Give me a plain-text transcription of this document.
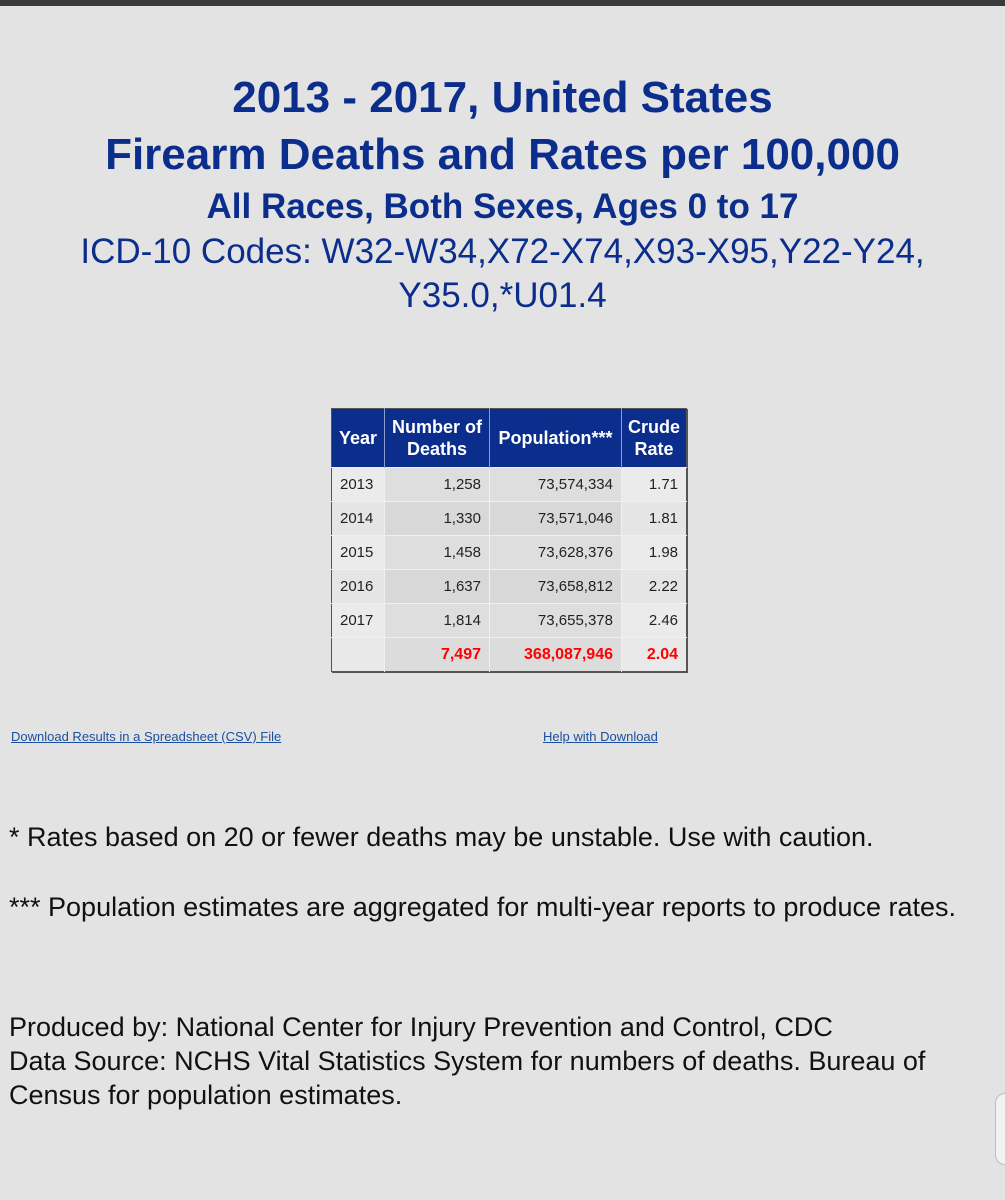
2013 - 2017, United States

Firearm Deaths and Rates per 100,000

All Races, Both Sexes, Ages 0 to 17

ICD-10 Codes: W32-W34,X72-X74,X93-X95,Y22-Y24, Y35.0,*U01.4

Year	Number of Deaths	Population***	Crude Rate
2013	1,258	73,574,334	1.71
2014	1,330	73,571,046	1.81
2015	1,458	73,628,376	1.98
2016	1,637	73,658,812	2.22
2017	1,814	73,655,378	2.46
	7,497	368,087,946	2.04
Download Results in a Spreadsheet (CSV) File	Help with Download

* Rates based on 20 or fewer deaths may be unstable. Use with caution.

*** Population estimates are aggregated for multi-year reports to produce rates.

Produced by: National Center for Injury Prevention and Control, CDC

Data Source: NCHS Vital Statistics System for numbers of deaths. Bureau of Census for population estimates.
